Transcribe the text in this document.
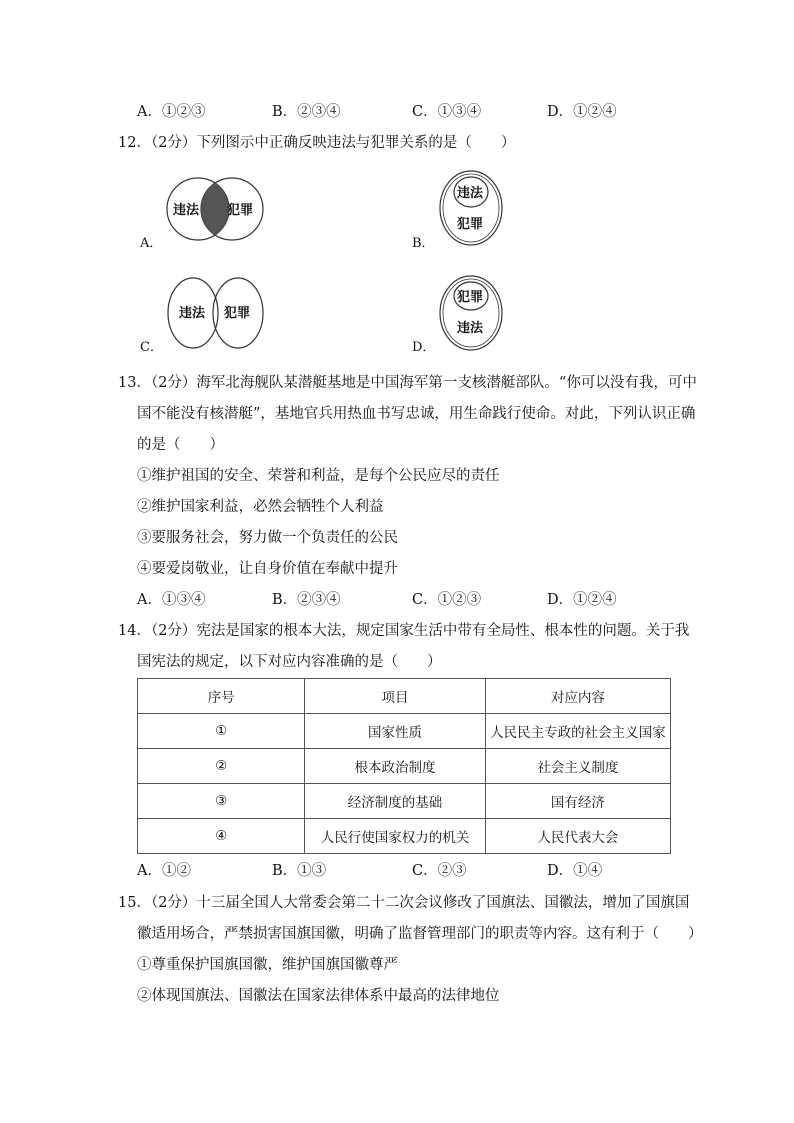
A．①②③	B．②③④	C．①③④	D．①②④
12．（2分）下列图示中正确反映违法与犯罪关系的是（　　）
违法 犯罪
A．
违法
犯罪
B．
违法 犯罪
C．
犯罪
违法
D．
13．（2分）海军北海舰队某潜艇基地是中国海军第一支核潜艇部队。“你可以没有我，可中
国不能没有核潜艇”，基地官兵用热血书写忠诚，用生命践行使命。对此，下列认识正确
的是（　　）
①维护祖国的安全、荣誉和利益，是每个公民应尽的责任
②维护国家利益，必然会牺牲个人利益
③要服务社会，努力做一个负责任的公民
④要爱岗敬业，让自身价值在奉献中提升
A．①③④	B．②③④	C．①②③	D．①②④
14．（2分）宪法是国家的根本大法，规定国家生活中带有全局性、根本性的问题。关于我
国宪法的规定，以下对应内容准确的是（　　）
序号	项目	对应内容
①	国家性质	人民民主专政的社会主义国家
②	根本政治制度	社会主义制度
③	经济制度的基础	国有经济
④	人民行使国家权力的机关	人民代表大会
A．①②	B．①③	C．②③	D．①④
15．（2分）十三届全国人大常委会第二十二次会议修改了国旗法、国徽法，增加了国旗国
徽适用场合，严禁损害国旗国徽，明确了监督管理部门的职责等内容。这有利于（　　）
①尊重保护国旗国徽，维护国旗国徽尊严
②体现国旗法、国徽法在国家法律体系中最高的法律地位
